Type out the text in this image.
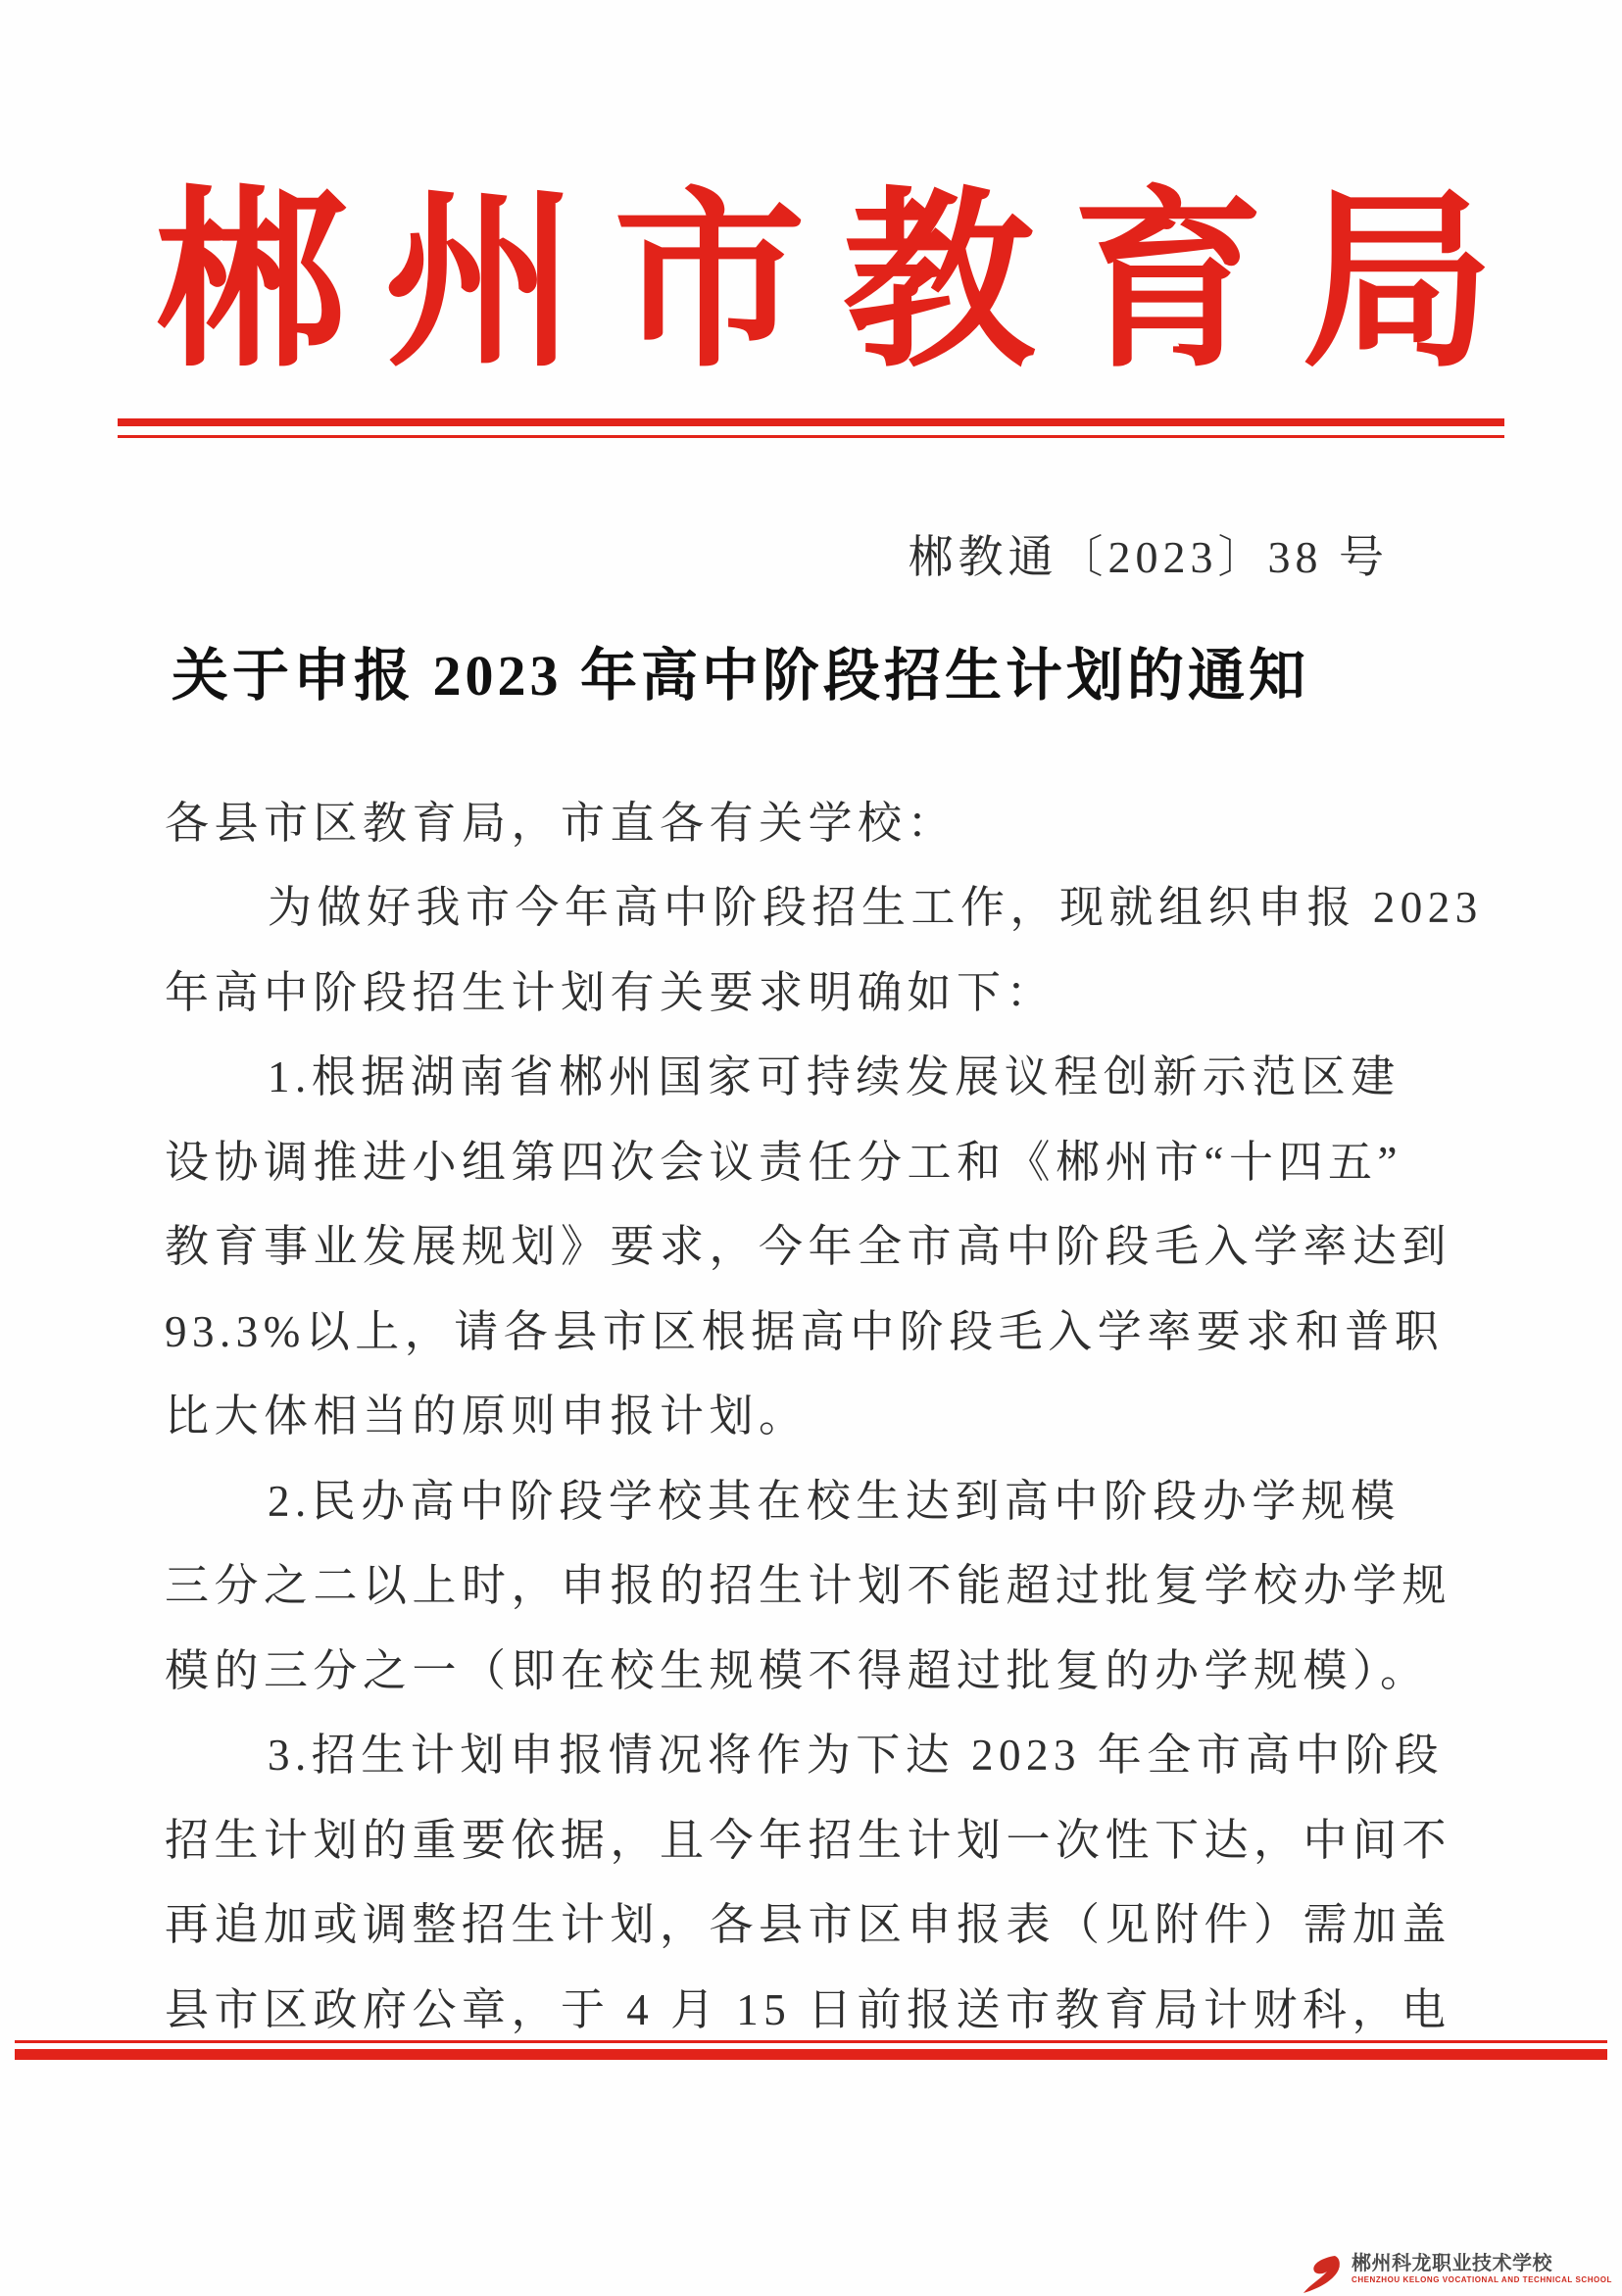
郴州市教育局
郴教通〔2023〕38 号
关于申报 2023 年高中阶段招生计划的通知
各县市区教育局，市直各有关学校：
为做好我市今年高中阶段招生工作，现就组织申报 2023
年高中阶段招生计划有关要求明确如下：
1.根据湖南省郴州国家可持续发展议程创新示范区建
设协调推进小组第四次会议责任分工和《郴州市“十四五”
教育事业发展规划》要求，今年全市高中阶段毛入学率达到
93.3%以上，请各县市区根据高中阶段毛入学率要求和普职
比大体相当的原则申报计划。
2.民办高中阶段学校其在校生达到高中阶段办学规模
三分之二以上时，申报的招生计划不能超过批复学校办学规
模的三分之一（即在校生规模不得超过批复的办学规模）。
3.招生计划申报情况将作为下达 2023 年全市高中阶段
招生计划的重要依据，且今年招生计划一次性下达，中间不
再追加或调整招生计划，各县市区申报表（见附件）需加盖
县市区政府公章，于 4 月 15 日前报送市教育局计财科，电
郴州科龙职业技术学校
CHENZHOU KELONG VOCATIONAL AND TECHNICAL SCHOOL
